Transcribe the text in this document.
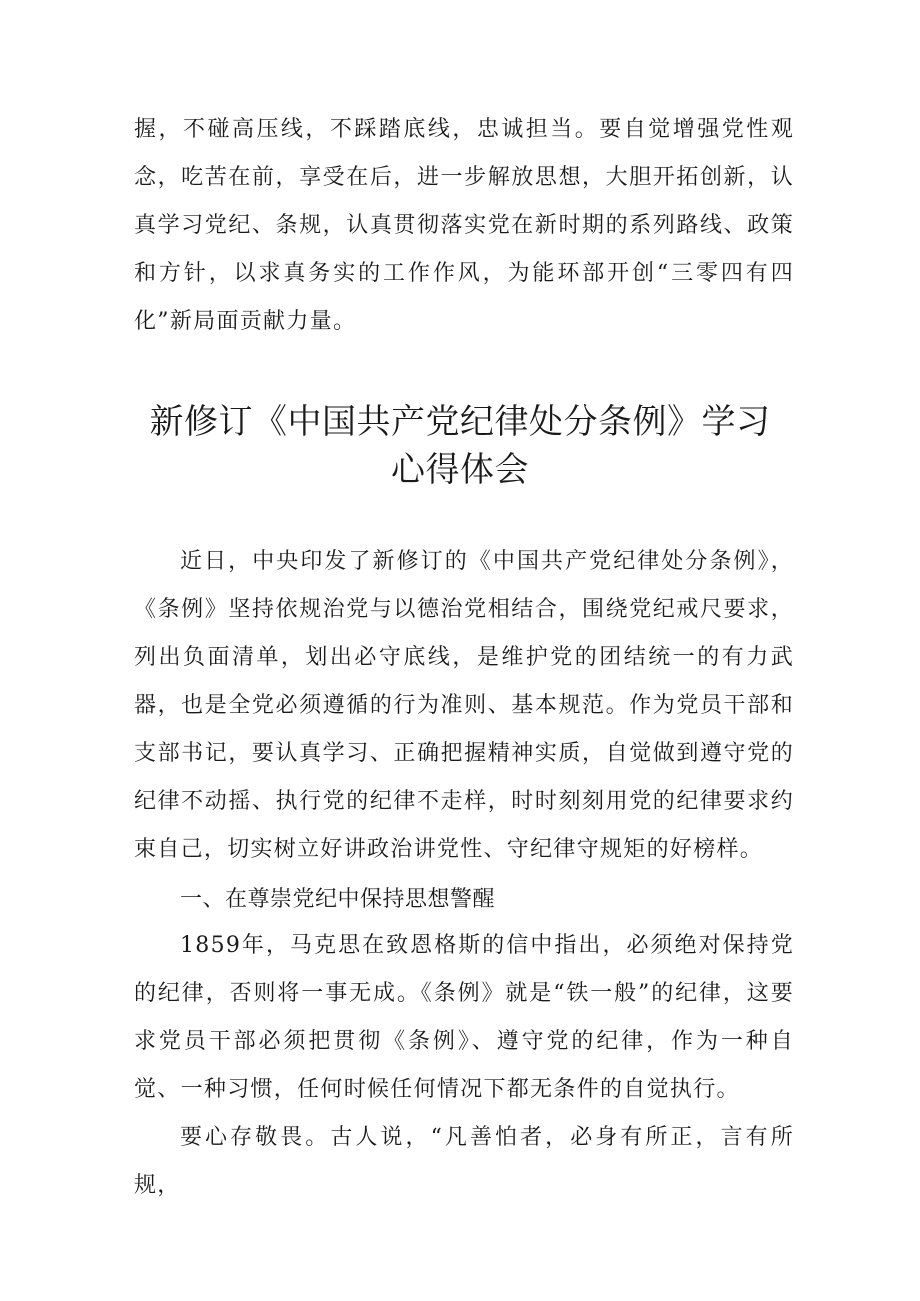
握，不碰高压线，不踩踏底线，忠诚担当。要自觉增强党性观念，吃苦在前，享受在后，进一步解放思想，大胆开拓创新，认真学习党纪、条规，认真贯彻落实党在新时期的系列路线、政策和方针，以求真务实的工作作风，为能环部开创“三零四有四化”新局面贡献力量。

新修订《中国共产党纪律处分条例》学习
心得体会

近日，中央印发了新修订的《中国共产党纪律处分条例》，《条例》坚持依规治党与以德治党相结合，围绕党纪戒尺要求，列出负面清单，划出必守底线，是维护党的团结统一的有力武器，也是全党必须遵循的行为准则、基本规范。作为党员干部和支部书记，要认真学习、正确把握精神实质，自觉做到遵守党的纪律不动摇、执行党的纪律不走样，时时刻刻用党的纪律要求约束自己，切实树立好讲政治讲党性、守纪律守规矩的好榜样。

一、在尊崇党纪中保持思想警醒

1859年，马克思在致恩格斯的信中指出，必须绝对保持党的纪律，否则将一事无成。《条例》就是“铁一般”的纪律，这要求党员干部必须把贯彻《条例》、遵守党的纪律，作为一种自觉、一种习惯，任何时候任何情况下都无条件的自觉执行。

要心存敬畏。古人说，“凡善怕者，必身有所正，言有所规，
